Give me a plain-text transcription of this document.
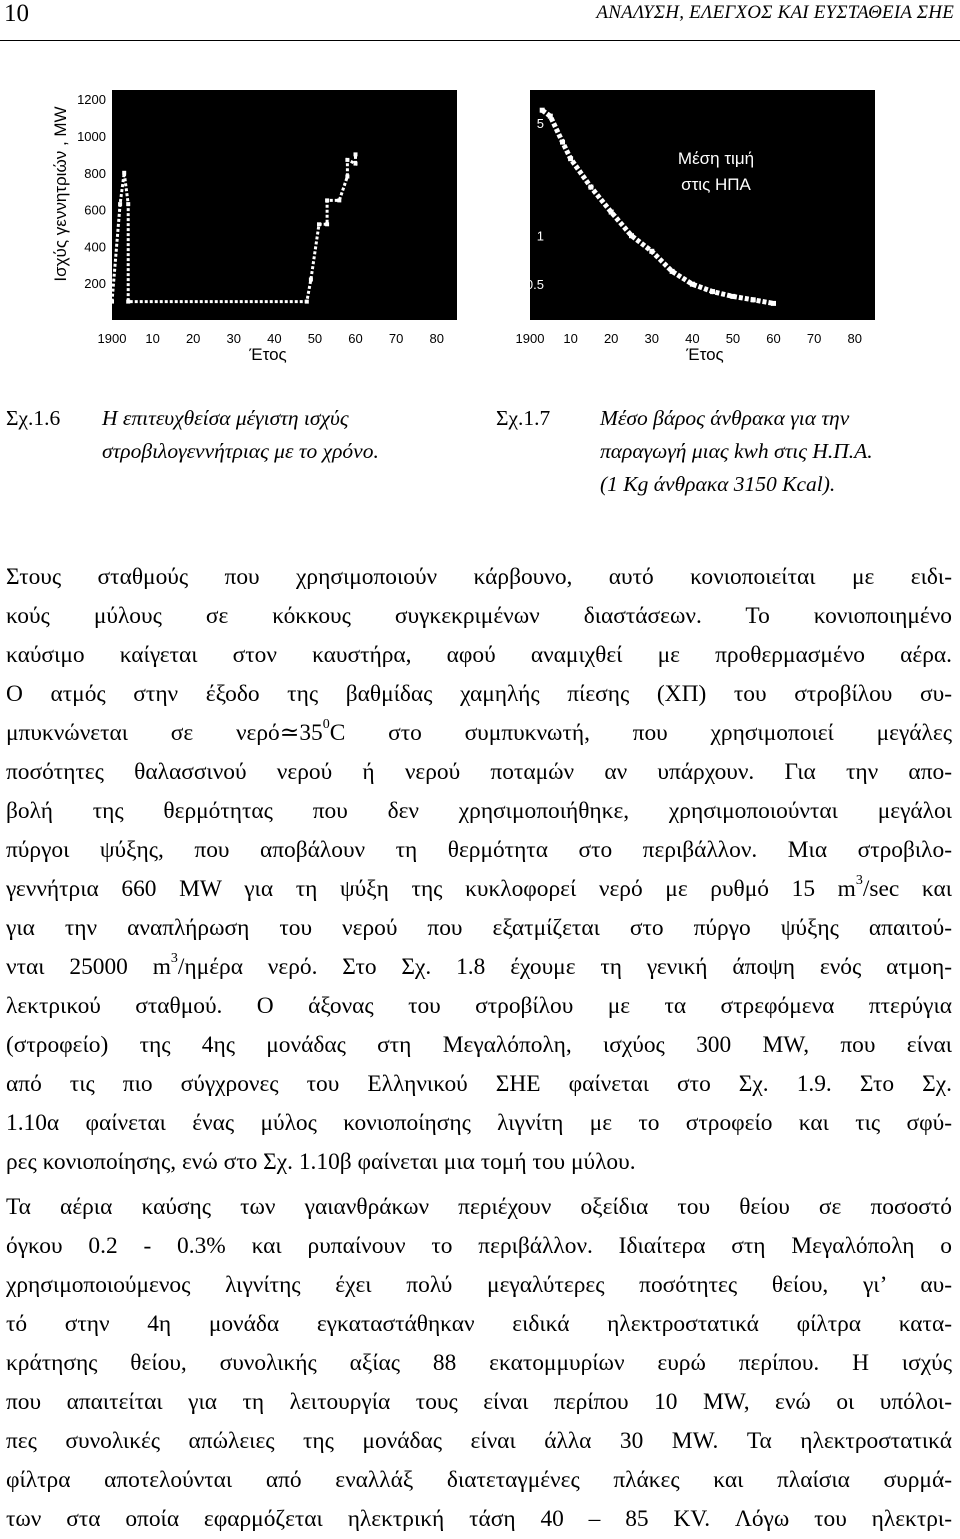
10	ΑΝΑΛΥΣΗ, ΕΛΕΓΧΟΣ ΚΑΙ ΕΥΣΤΑΘΕΙΑ ΣΗΕ
Ισχύς γεννητριών , MW
1200
1000
800
600
400
200
1900 10 20 30 40 50 60 70 80
Έτος
Kg άνθρακα/KWh
5
1
0.5
1900 10 20 30 40 50 60 70 80
Έτος
Μέση τιμή
στις ΗΠΑ
Σχ.1.6 Η επιτευχθείσα μέγιστη ισχύς
στροβιλογεννήτριας με το χρόνο.
Σχ.1.7 Μέσο βάρος άνθρακα για την
παραγωγή μιας kwh στις Η.Π.Α.
(1 Kg άνθρακα 3150 Kcal).
Στους σταθμούς που χρησιμοποιούν κάρβουνο, αυτό κονιοποιείται με ειδι-
κούς μύλους σε κόκκους συγκεκριμένων διαστάσεων. Το κονιοποιημένο
καύσιμο καίγεται στον καυστήρα, αφού αναμιχθεί με προθερμασμένο αέρα.
Ο ατμός στην έξοδο της βαθμίδας χαμηλής πίεσης (ΧΠ) του στροβίλου συ-
μπυκνώνεται σε $\nu\varepsilon\rho ό≃35^0C$ στο συμπυκνωτή, που χρησιμοποιεί μεγάλες
ποσότητες θαλασσινού νερού ή νερού ποταμών αν υπάρχουν. Για την απο-
βολή της θερμότητας που δεν χρησιμοποιήθηκε, χρησιμοποιούνται μεγάλοι
πύργοι ψύξης, που αποβάλουν τη θερμότητα στο περιβάλλον. Μια στροβιλο-
γεννήτρια 660 MW για τη ψύξη της κυκλοφορεί νερό με ρυθμό 15 $m^3/\sec$ και
για την αναπλήρωση του νερού που εξατμίζεται στο πύργο ψύξης απαιτού-
νται 25000 $m^3$/ημέρα νερό. Στο Σχ. 1.8 έχουμε τη γενική άποψη ενός ατμοη-
λεκτρικού σταθμού. Ο άξονας του στροβίλου με τα στρεφόμενα πτερύγια
(στροφείο) της 4ης μονάδας στη Μεγαλόπολη, ισχύος 300 MW, που είναι
από τις πιο σύγχρονες του Ελληνικού ΣΗΕ φαίνεται στο Σχ. 1.9. Στο Σχ.
1.10α φαίνεται ένας μύλος κονιοποίησης λιγνίτη με το στροφείο και τις σφύ-
ρες κονιοποίησης, ενώ στο Σχ. 1.10β φαίνεται μια τομή του μύλου.
Τα αέρια καύσης των γαιανθράκων περιέχουν οξείδια του θείου σε ποσοστό
όγκου 0.2 - 0.3% και ρυπαίνουν το περιβάλλον. Ιδιαίτερα στη Μεγαλόπολη ο
χρησιμοποιούμενος λιγνίτης έχει πολύ μεγαλύτερες ποσότητες θείου, γι’ αυ-
τό στην 4η μονάδα εγκαταστάθηκαν ειδικά ηλεκτροστατικά φίλτρα κατα-
κράτησης θείου, συνολικής αξίας 88 εκατομμυρίων ευρώ περίπου. Η ισχύς
που απαιτείται για τη λειτουργία τους είναι περίπου 10 MW, ενώ οι υπόλοι-
πες συνολικές απώλειες της μονάδας είναι άλλα 30 MW. Τα ηλεκτροστατικά
φίλτρα αποτελούνται από εναλλάξ διατεταγμένες πλάκες και πλαίσια συρμά-
των στα οποία εφαρμόζεται ηλεκτρική τάση 40 – 85 KV. Λόγω του ηλεκτρι-
